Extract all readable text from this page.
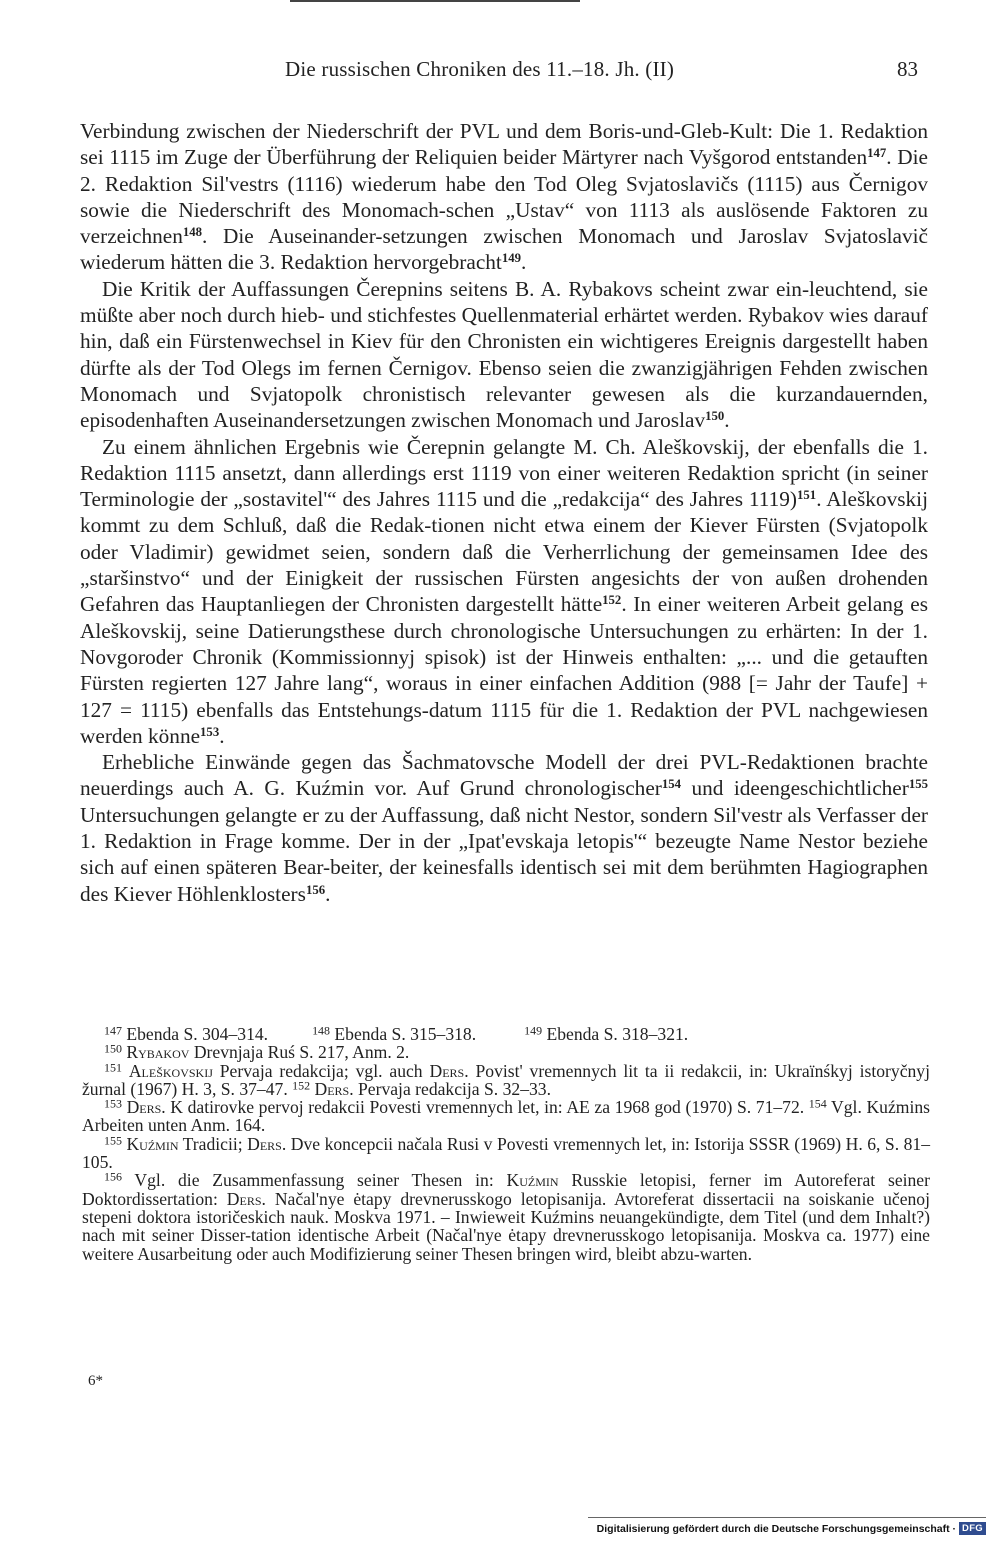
Die russischen Chroniken des 11.–18. Jh. (II)	83

Verbindung zwischen der Niederschrift der PVL und dem Boris-und-Gleb-Kult: Die 1. Redaktion sei 1115 im Zuge der Überführung der Reliquien beider Märtyrer nach Vyšgorod entstanden$^{147}$. Die 2. Redaktion Sil'vestrs (1116) wiederum habe den Tod Oleg Svjatoslavičs (1115) aus Černigov sowie die Niederschrift des Monomach-schen „Ustav“ von 1113 als auslösende Faktoren zu verzeichnen$^{148}$. Die Auseinander-setzungen zwischen Monomach und Jaroslav Svjatoslavič wiederum hätten die 3. Redaktion hervorgebracht$^{149}$.

Die Kritik der Auffassungen Čerepnins seitens B. A. Rybakovs scheint zwar ein-leuchtend, sie müßte aber noch durch hieb- und stichfestes Quellenmaterial erhärtet werden. Rybakov wies darauf hin, daß ein Fürstenwechsel in Kiev für den Chronisten ein wichtigeres Ereignis dargestellt haben dürfte als der Tod Olegs im fernen Černigov. Ebenso seien die zwanzigjährigen Fehden zwischen Monomach und Svjatopolk chronistisch relevanter gewesen als die kurzandauernden, episodenhaften Auseinandersetzungen zwischen Monomach und Jaroslav$^{150}$.

Zu einem ähnlichen Ergebnis wie Čerepnin gelangte M. Ch. Aleškovskij, der ebenfalls die 1. Redaktion 1115 ansetzt, dann allerdings erst 1119 von einer weiteren Redaktion spricht (in seiner Terminologie der „sostavitel'“ des Jahres 1115 und die „redakcija“ des Jahres 1119)$^{151}$. Aleškovskij kommt zu dem Schluß, daß die Redak-tionen nicht etwa einem der Kiever Fürsten (Svjatopolk oder Vladimir) gewidmet seien, sondern daß die Verherrlichung der gemeinsamen Idee des „staršinstvo“ und der Einigkeit der russischen Fürsten angesichts der von außen drohenden Gefahren das Hauptanliegen der Chronisten dargestellt hätte$^{152}$. In einer weiteren Arbeit gelang es Aleškovskij, seine Datierungsthese durch chronologische Untersuchungen zu erhärten: In der 1. Novgoroder Chronik (Kommissionnyj spisok) ist der Hinweis enthalten: „... und die getauften Fürsten regierten 127 Jahre lang“, woraus in einer einfachen Addition (988 [= Jahr der Taufe] + 127 = 1115) ebenfalls das Entstehungs-datum 1115 für die 1. Redaktion der PVL nachgewiesen werden könne$^{153}$.

Erhebliche Einwände gegen das Šachmatovsche Modell der drei PVL-Redaktionen brachte neuerdings auch A. G. Kuźmin vor. Auf Grund chronologischer$^{154}$ und ideengeschichtlicher$^{155}$ Untersuchungen gelangte er zu der Auffassung, daß nicht Nestor, sondern Sil'vestr als Verfasser der 1. Redaktion in Frage komme. Der in der „Ipat'evskaja letopis'“ bezeugte Name Nestor beziehe sich auf einen späteren Bear-beiter, der keinesfalls identisch sei mit dem berühmten Hagiographen des Kiever Höhlenklosters$^{156}$.

$^{147}$ Ebenda S. 304–314.	$^{148}$ Ebenda S. 315–318.	$^{149}$ Ebenda S. 318–321.

$^{150}$ Rybakov Drevnjaja Ruś S. 217, Anm. 2.

$^{151}$ Aleškovskij Pervaja redakcija; vgl. auch Ders. Povist' vremennych lit ta ii redakcii, in: Ukraïnśkyj istoryčnyj žurnal (1967) H. 3, S. 37–47. $^{152}$ Ders. Pervaja redakcija S. 32–33.

$^{153}$ Ders. K datirovke pervoj redakcii Povesti vremennych let, in: AE za 1968 god (1970) S. 71–72. $^{154}$ Vgl. Kuźmins Arbeiten unten Anm. 164.

$^{155}$ Kuźmin Tradicii; Ders. Dve koncepcii načala Rusi v Povesti vremennych let, in: Istorija SSSR (1969) H. 6, S. 81–105.

$^{156}$ Vgl. die Zusammenfassung seiner Thesen in: Kuźmin Russkie letopisi, ferner im Autoreferat seiner Doktordissertation: Ders. Načal'nye ėtapy drevnerusskogo letopisanija. Avtoreferat dissertacii na soiskanie učenoj stepeni doktora istoričeskich nauk. Moskva 1971. – Inwieweit Kuźmins neuangekündigte, dem Titel (und dem Inhalt?) nach mit seiner Disser-tation identische Arbeit (Načal'nye ėtapy drevnerusskogo letopisanija. Moskva ca. 1977) eine weitere Ausarbeitung oder auch Modifizierung seiner Thesen bringen wird, bleibt abzu-warten.

6*
Digitalisierung gefördert durch die Deutsche Forschungsgemeinschaft · DFG
